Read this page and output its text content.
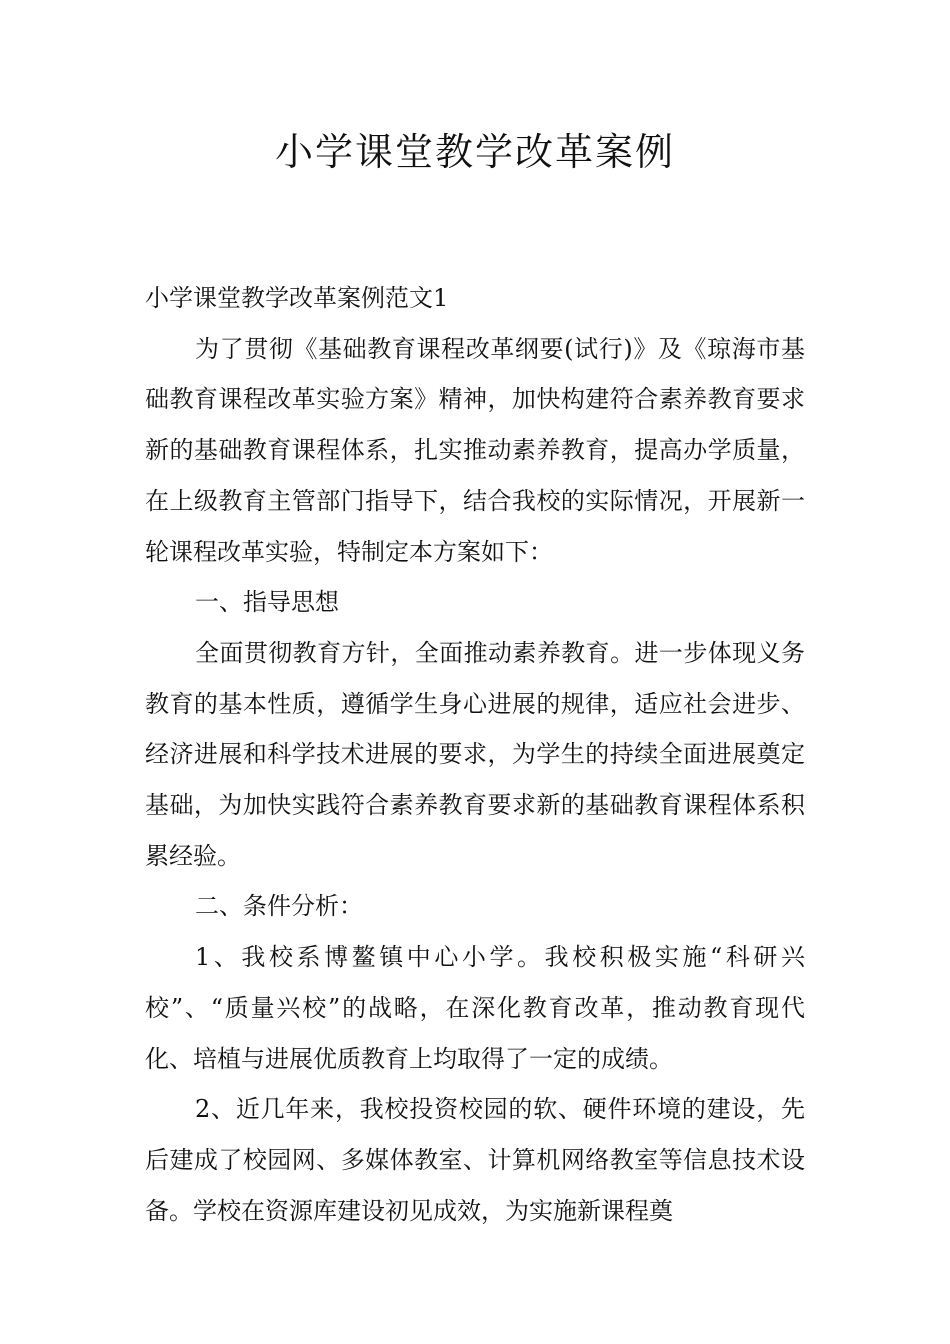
小学课堂教学改革案例

小学课堂教学改革案例范文1

为了贯彻《基础教育课程改革纲要(试行)》及《琼海市基础教育课程改革实验方案》精神，加快构建符合素养教育要求新的基础教育课程体系，扎实推动素养教育，提高办学质量，在上级教育主管部门指导下，结合我校的实际情况，开展新一轮课程改革实验，特制定本方案如下：

一、指导思想

全面贯彻教育方针，全面推动素养教育。进一步体现义务教育的基本性质，遵循学生身心进展的规律，适应社会进步、经济进展和科学技术进展的要求，为学生的持续全面进展奠定基础，为加快实践符合素养教育要求新的基础教育课程体系积累经验。

二、条件分析：

1、我校系博鳌镇中心小学。我校积极实施“科研兴校”、“质量兴校”的战略，在深化教育改革，推动教育现代化、培植与进展优质教育上均取得了一定的成绩。

2、近几年来，我校投资校园的软、硬件环境的建设，先后建成了校园网、多媒体教室、计算机网络教室等信息技术设备。学校在资源库建设初见成效，为实施新课程奠
